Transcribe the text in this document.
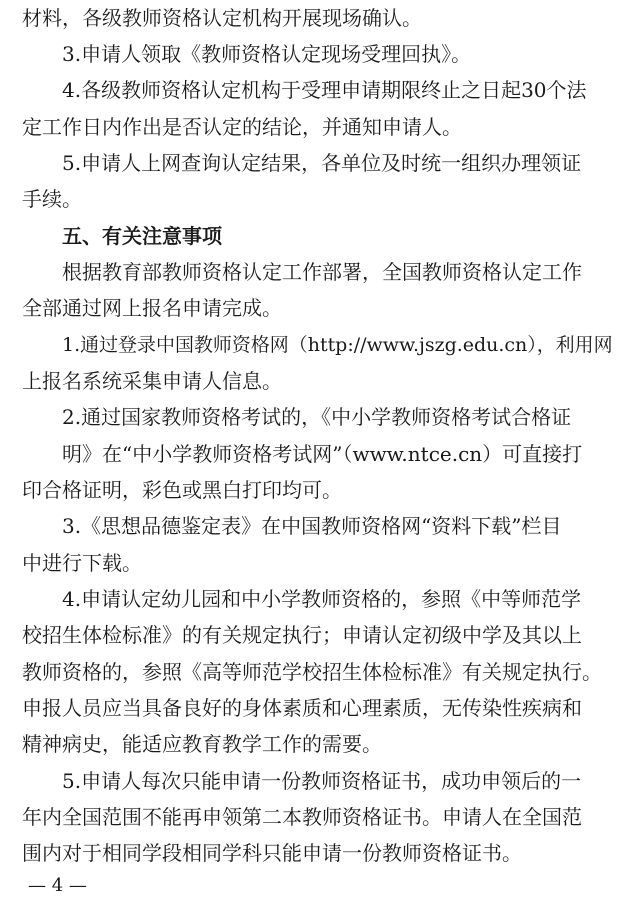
材料，各级教师资格认定机构开展现场确认。
3.申请人领取《教师资格认定现场受理回执》。
4.各级教师资格认定机构于受理申请期限终止之日起30个法
定工作日内作出是否认定的结论，并通知申请人。
5.申请人上网查询认定结果，各单位及时统一组织办理领证
手续。
五、有关注意事项
根据教育部教师资格认定工作部署，全国教师资格认定工作
全部通过网上报名申请完成。
1.通过登录中国教师资格网（http://www.jszg.edu.cn），利用网
上报名系统采集申请人信息。
2.通过国家教师资格考试的，《中小学教师资格考试合格证
明》在“中小学教师资格考试网”（www.ntce.cn）可直接打
印合格证明，彩色或黑白打印均可。
3.《思想品德鉴定表》在中国教师资格网“资料下载”栏目
中进行下载。
4.申请认定幼儿园和中小学教师资格的，参照《中等师范学
校招生体检标准》的有关规定执行；申请认定初级中学及其以上
教师资格的，参照《高等师范学校招生体检标准》有关规定执行。
申报人员应当具备良好的身体素质和心理素质，无传染性疾病和
精神病史，能适应教育教学工作的需要。
5.申请人每次只能申请一份教师资格证书，成功申领后的一
年内全国范围不能再申领第二本教师资格证书。申请人在全国范
围内对于相同学段相同学科只能申请一份教师资格证书。
— 4 —
